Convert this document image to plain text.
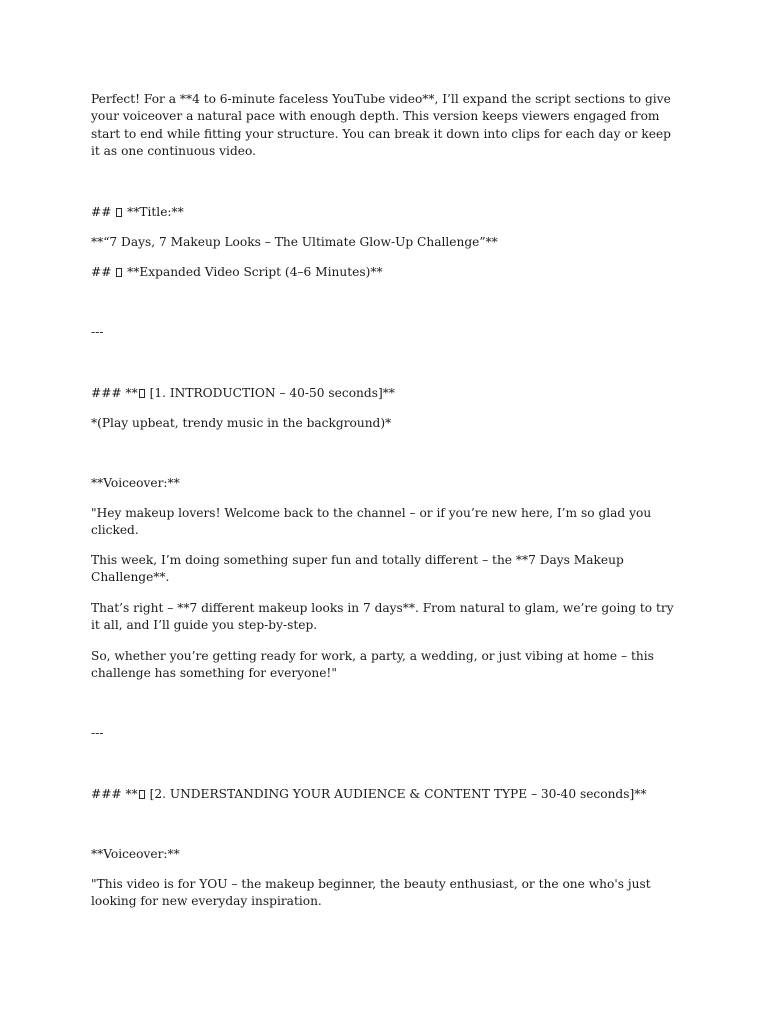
Perfect! For a **4 to 6-minute faceless YouTube video**, I’ll expand the script sections to give your voiceover a natural pace with enough depth. This version keeps viewers engaged from start to end while fitting your structure. You can break it down into clips for each day or keep it as one continuous video.

##  **Title:**

**“7 Days, 7 Makeup Looks – The Ultimate Glow-Up Challenge”**

##  **Expanded Video Script (4–6 Minutes)**

---

### ** [1. INTRODUCTION – 40-50 seconds]**

*(Play upbeat, trendy music in the background)*

**Voiceover:**

"Hey makeup lovers! Welcome back to the channel – or if you’re new here, I’m so glad you clicked.

This week, I’m doing something super fun and totally different – the **7 Days Makeup Challenge**.

That’s right – **7 different makeup looks in 7 days**. From natural to glam, we’re going to try it all, and I’ll guide you step-by-step.

So, whether you’re getting ready for work, a party, a wedding, or just vibing at home – this challenge has something for everyone!"

---

### ** [2. UNDERSTANDING YOUR AUDIENCE & CONTENT TYPE – 30-40 seconds]**

**Voiceover:**

"This video is for YOU – the makeup beginner, the beauty enthusiast, or the one who's just looking for new everyday inspiration.
